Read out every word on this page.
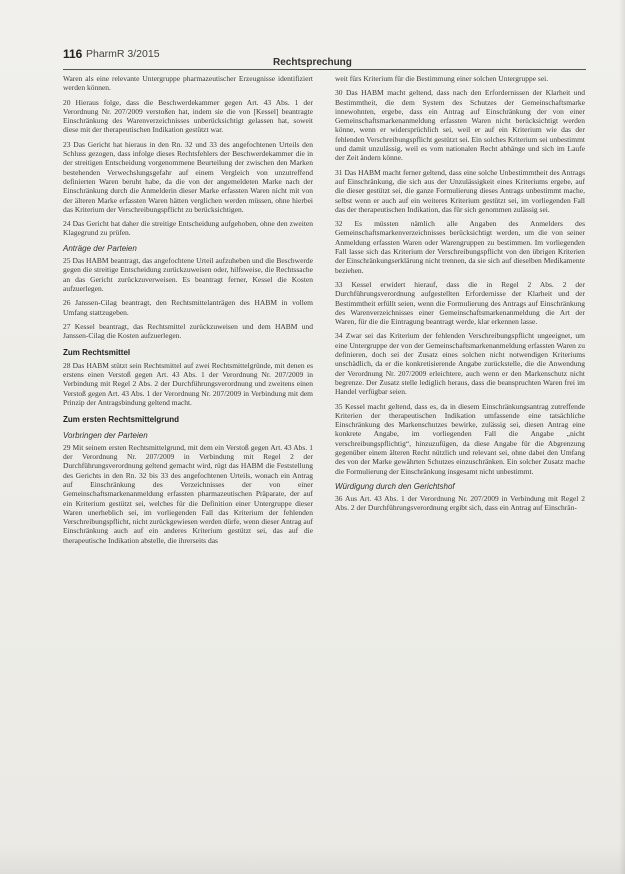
116 PharmR 3/2015
Rechtsprechung

Waren als eine relevante Untergruppe pharmazeutischer Erzeugnisse identifiziert werden können.

20 Hieraus folge, dass die Beschwerdekammer gegen Art. 43 Abs. 1 der Verordnung Nr. 207/2009 verstoßen hat, indem sie die von [Kessel] beantragte Einschränkung des Warenverzeichnisses unberücksichtigt gelassen hat, soweit diese mit der therapeutischen Indikation gestützt war.

23 Das Gericht hat hieraus in den Rn. 32 und 33 des angefochtenen Urteils den Schluss gezogen, dass infolge dieses Rechtsfehlers der Beschwerdekammer die in der streitigen Entscheidung vorgenommene Beurteilung der zwischen den Marken bestehenden Verwechslungsgefahr auf einem Vergleich von unzutreffend definierten Waren beruht habe, da die von der angemeldeten Marke nach der Einschränkung durch die Anmelderin dieser Marke erfassten Waren nicht mit von der älteren Marke erfassten Waren hätten verglichen werden müssen, ohne hierbei das Kriterium der Verschreibungspflicht zu berücksichtigen.

24 Das Gericht hat daher die streitige Entscheidung aufgehoben, ohne den zweiten Klagegrund zu prüfen.

Anträge der Parteien

25 Das HABM beantragt, das angefochtene Urteil aufzuheben und die Beschwerde gegen die streitige Entscheidung zurückzuweisen oder, hilfsweise, die Rechtssache an das Gericht zurückzuverweisen. Es beantragt ferner, Kessel die Kosten aufzuerlegen.

26 Janssen-Cilag beantragt, den Rechtsmittelanträgen des HABM in vollem Umfang stattzugeben.

27 Kessel beantragt, das Rechtsmittel zurückzuweisen und dem HABM und Janssen-Cilag die Kosten aufzuerlegen.

Zum Rechtsmittel

28 Das HABM stützt sein Rechtsmittel auf zwei Rechtsmittelgründe, mit denen es erstens einen Verstoß gegen Art. 43 Abs. 1 der Verordnung Nr. 207/2009 in Verbindung mit Regel 2 Abs. 2 der Durchführungsverordnung und zweitens einen Verstoß gegen Art. 43 Abs. 1 der Verordnung Nr. 207/2009 in Verbindung mit dem Prinzip der Antragsbindung geltend macht.

Zum ersten Rechtsmittelgrund
Vorbringen der Parteien

29 Mit seinem ersten Rechtsmittelgrund, mit dem ein Verstoß gegen Art. 43 Abs. 1 der Verordnung Nr. 207/2009 in Verbindung mit Regel 2 der Durchführungsverordnung geltend gemacht wird, rügt das HABM die Feststellung des Gerichts in den Rn. 32 bis 33 des angefochtenen Urteils, wonach ein Antrag auf Einschränkung des Verzeichnisses der von einer Gemeinschaftsmarkenanmeldung erfassten pharmazeutischen Präparate, der auf ein Kriterium gestützt sei, welches für die Definition einer Untergruppe dieser Waren unerheblich sei, im vorliegenden Fall das Kriterium der fehlenden Verschreibungspflicht, nicht zurückgewiesen werden dürfe, wenn dieser Antrag auf Einschränkung auch auf ein anderes Kriterium gestützt sei, das auf die therapeutische Indikation abstelle, die ihrerseits das

weit fürs Kriterium für die Bestimmung einer solchen Untergruppe sei.

30 Das HABM macht geltend, dass nach den Erfordernissen der Klarheit und Bestimmtheit, die dem System des Schutzes der Gemeinschaftsmarke innewohnten, ergebe, dass ein Antrag auf Einschränkung der von einer Gemeinschaftsmarkenanmeldung erfassten Waren nicht berücksichtigt werden könne, wenn er widersprüchlich sei, weil er auf ein Kriterium wie das der fehlenden Verschreibungspflicht gestützt sei. Ein solches Kriterium sei unbestimmt und damit unzulässig, weil es vom nationalen Recht abhänge und sich im Laufe der Zeit ändern könne.

31 Das HABM macht ferner geltend, dass eine solche Unbestimmtheit des Antrags auf Einschränkung, die sich aus der Unzulässigkeit eines Kriteriums ergebe, auf die dieser gestützt sei, die ganze Formulierung dieses Antrags unbestimmt mache, selbst wenn er auch auf ein weiteres Kriterium gestützt sei, im vorliegenden Fall das der therapeutischen Indikation, das für sich genommen zulässig sei.

32 Es müssten nämlich alle Angaben des Anmelders des Gemeinschaftsmarkenverzeichnisses berücksichtigt werden, um die von seiner Anmeldung erfassten Waren oder Warengruppen zu bestimmen. Im vorliegenden Fall lasse sich das Kriterium der Verschreibungspflicht von den übrigen Kriterien der Einschränkungserklärung nicht trennen, da sie sich auf dieselben Medikamente beziehen.

33 Kessel erwidert hierauf, dass die in Regel 2 Abs. 2 der Durchführungsverordnung aufgestellten Erfordernisse der Klarheit und der Bestimmtheit erfüllt seien, wenn die Formulierung des Antrags auf Einschränkung des Warenverzeichnisses einer Gemeinschaftsmarkenanmeldung die Art der Waren, für die die Eintragung beantragt werde, klar erkennen lasse.

34 Zwar sei das Kriterium der fehlenden Verschreibungspflicht ungeeignet, um eine Untergruppe der von der Gemeinschaftsmarkenanmeldung erfassten Waren zu definieren, doch sei der Zusatz eines solchen nicht notwendigen Kriteriums unschädlich, da er die konkretisierende Angabe zurückstelle, die die Anwendung der Verordnung Nr. 207/2009 erleichtere, auch wenn er den Markenschutz nicht begrenze. Der Zusatz stelle lediglich heraus, dass die beanspruchten Waren frei im Handel verfügbar seien.

35 Kessel macht geltend, dass es, da in diesem Einschränkungsantrag zutreffende Kriterien der therapeutischen Indikation umfassende eine tatsächliche Einschränkung des Markenschutzes bewirke, zulässig sei, diesen Antrag eine konkrete Angabe, im vorliegenden Fall die Angabe „nicht verschreibungspflichtig“, hinzuzufügen, da diese Angabe für die Abgrenzung gegenüber einem älteren Recht nützlich und relevant sei, ohne dabei den Umfang des von der Marke gewährten Schutzes einzuschränken. Ein solcher Zusatz mache die Formulierung der Einschränkung insgesamt nicht unbestimmt.

Würdigung durch den Gerichtshof

36 Aus Art. 43 Abs. 1 der Verordnung Nr. 207/2009 in Verbindung mit Regel 2 Abs. 2 der Durchführungsverordnung ergibt sich, dass ein Antrag auf Einschrän-
